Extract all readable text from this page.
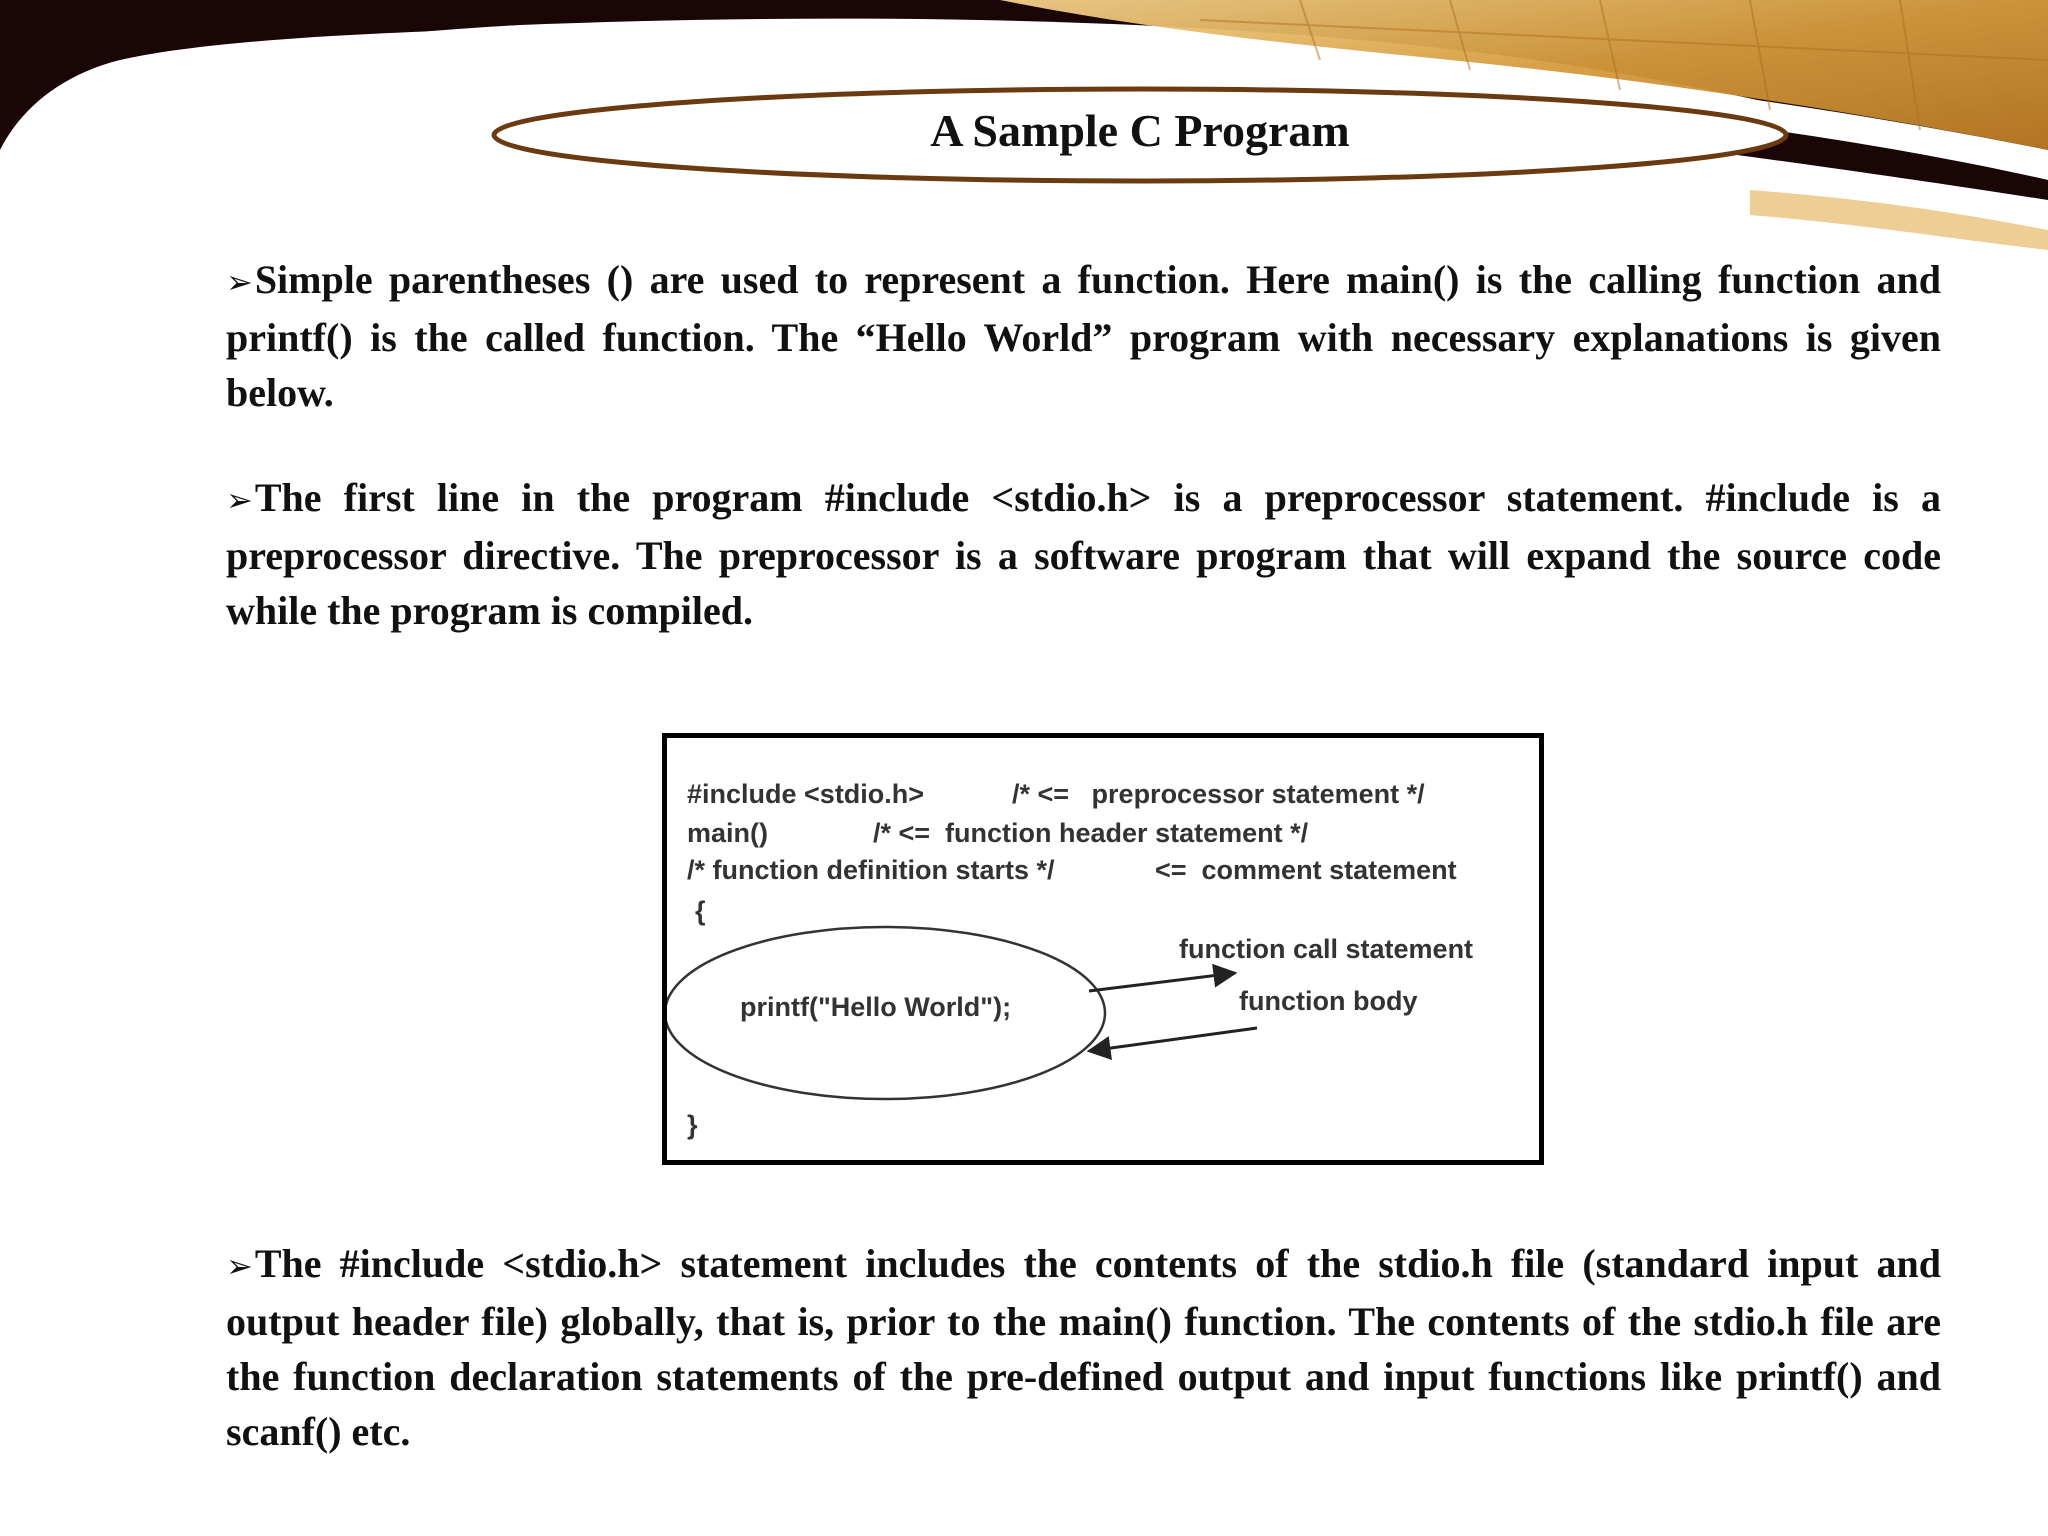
A Sample C Program
➢Simple parentheses () are used to represent a function. Here main() is the calling function and printf() is the called function. The “Hello World” program with necessary explanations is given below.
➢The first line in the program #include <stdio.h> is a preprocessor statement. #include is a preprocessor directive. The preprocessor is a software program that will expand the source code while the program is compiled.
#include <stdio.h>	/* <=   preprocessor statement */
main()	/* <=  function header statement */
/* function definition starts */	<=  comment statement
{
function call statement
printf("Hello World");	function body
}
➢The #include <stdio.h> statement includes the contents of the stdio.h file (standard input and output header file) globally, that is, prior to the main() function. The contents of the stdio.h file are the function declaration statements of the pre-defined output and input functions like printf() and scanf() etc.
